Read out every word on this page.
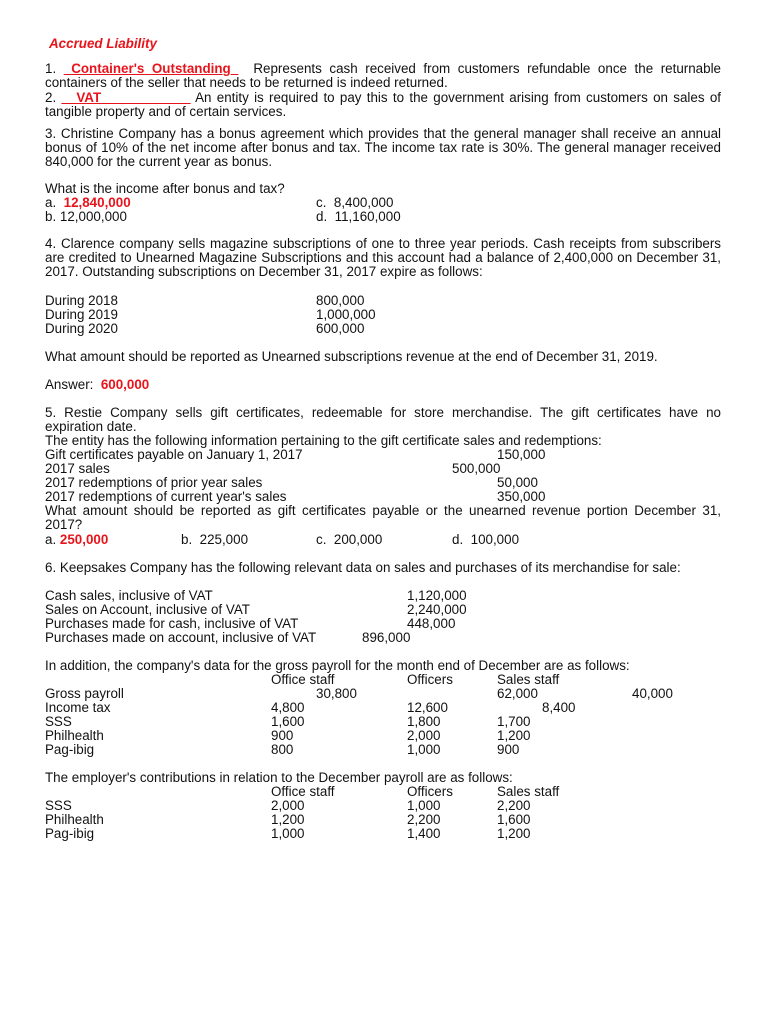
Accrued Liability
1. _Container's Outstanding_ Represents cash received from customers refundable once the returnable containers of the seller that needs to be returned is indeed returned.
2. __VAT____________ An entity is required to pay this to the government arising from customers on sales of tangible property and of certain services.
3. Christine Company has a bonus agreement which provides that the general manager shall receive an annual bonus of 10% of the net income after bonus and tax. The income tax rate is 30%. The general manager received 840,000 for the current year as bonus.
What is the income after bonus and tax?
a. 12,840,000
b. 12,000,000
c. 8,400,000
d. 11,160,000
4. Clarence company sells magazine subscriptions of one to three year periods. Cash receipts from subscribers are credited to Unearned Magazine Subscriptions and this account had a balance of 2,400,000 on December 31, 2017. Outstanding subscriptions on December 31, 2017 expire as follows:
During 2018	800,000
During 2019	1,000,000
During 2020	600,000
What amount should be reported as Unearned subscriptions revenue at the end of December 31, 2019.
Answer: 600,000
5. Restie Company sells gift certificates, redeemable for store merchandise. The gift certificates have no expiration date.
The entity has the following information pertaining to the gift certificate sales and redemptions:
Gift certificates payable on January 1, 2017	150,000
2017 sales	500,000
2017 redemptions of prior year sales	50,000
2017 redemptions of current year's sales	350,000
What amount should be reported as gift certificates payable or the unearned revenue portion December 31, 2017?
a. 250,000	b. 225,000	c. 200,000	d. 100,000
6. Keepsakes Company has the following relevant data on sales and purchases of its merchandise for sale:
Cash sales, inclusive of VAT	1,120,000
Sales on Account, inclusive of VAT	2,240,000
Purchases made for cash, inclusive of VAT	448,000
Purchases made on account, inclusive of VAT	896,000
In addition, the company's data for the gross payroll for the month end of December are as follows:
Office staff	Officers	Sales staff
Gross payroll	30,800	62,000	40,000
Income tax	4,800	12,600	8,400
SSS	1,600	1,800	1,700
Philhealth	900	2,000	1,200
Pag-ibig	800	1,000	900
The employer's contributions in relation to the December payroll are as follows:
Office staff	Officers	Sales staff
SSS	2,000	1,000	2,200
Philhealth	1,200	2,200	1,600
Pag-ibig	1,000	1,400	1,200
